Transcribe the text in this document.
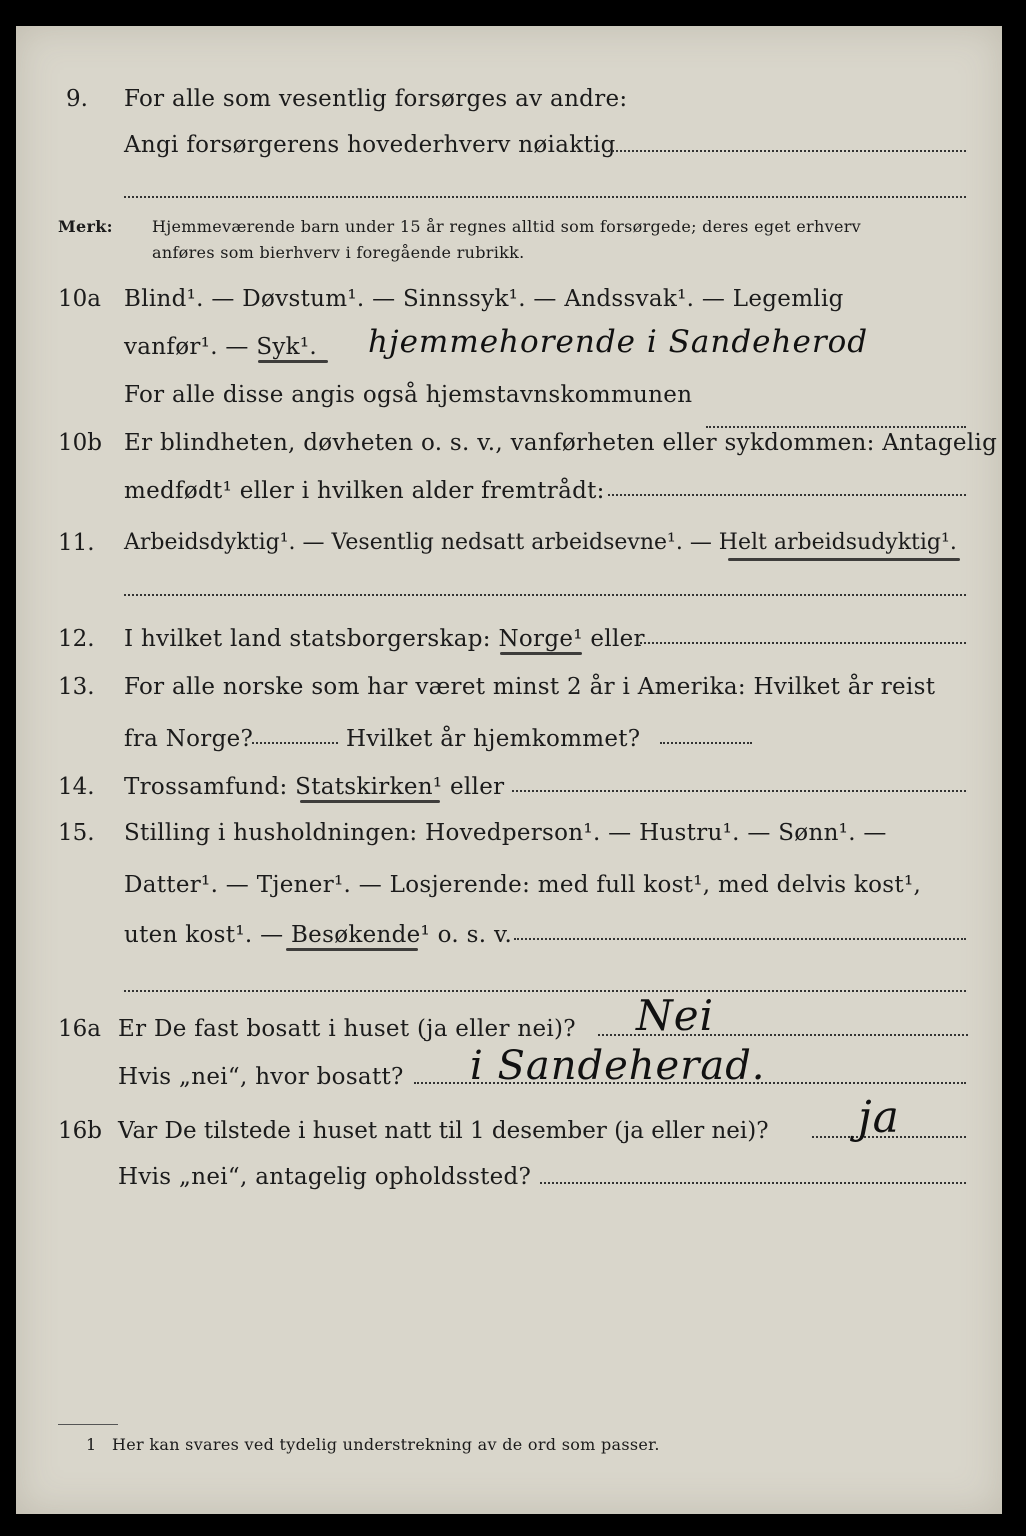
9. For alle som vesentlig forsørges av andre:
Angi forsørgerens hovederhverv nøiaktig
Merk: Hjemmeværende barn under 15 år regnes alltid som forsørgede; deres eget erhverv
anføres som bierhverv i foregående rubrikk.
10a Blind¹. — Døvstum¹. — Sinnssyk¹. — Andssvak¹. — Legemlig
vanfør¹. — Syk¹. hjemmehorende i Sandeherod
For alle disse angis også hjemstavnskommunen
10b Er blindheten, døvheten o. s. v., vanførheten eller sykdommen: Antagelig
medfødt¹ eller i hvilken alder fremtrådt:
11. Arbeidsdyktig¹. — Vesentlig nedsatt arbeidsevne¹. — Helt arbeidsudyktig¹.
12. I hvilket land statsborgerskap: Norge¹ eller
13. For alle norske som har været minst 2 år i Amerika: Hvilket år reist
fra Norge?	Hvilket år hjemkommet?
14. Trossamfund: Statskirken¹ eller
15. Stilling i husholdningen: Hovedperson¹. — Hustru¹. — Sønn¹. —
Datter¹. — Tjener¹. — Losjerende: med full kost¹, med delvis kost¹,
uten kost¹. — Besøkende¹ o. s. v.
16a Er De fast bosatt i huset (ja eller nei)? Nei
Hvis „nei“, hvor bosatt? i Sandeherad.
16b Var De tilstede i huset natt til 1 desember (ja eller nei)? ja
Hvis „nei“, antagelig opholdssted?
1 Her kan svares ved tydelig understrekning av de ord som passer.
